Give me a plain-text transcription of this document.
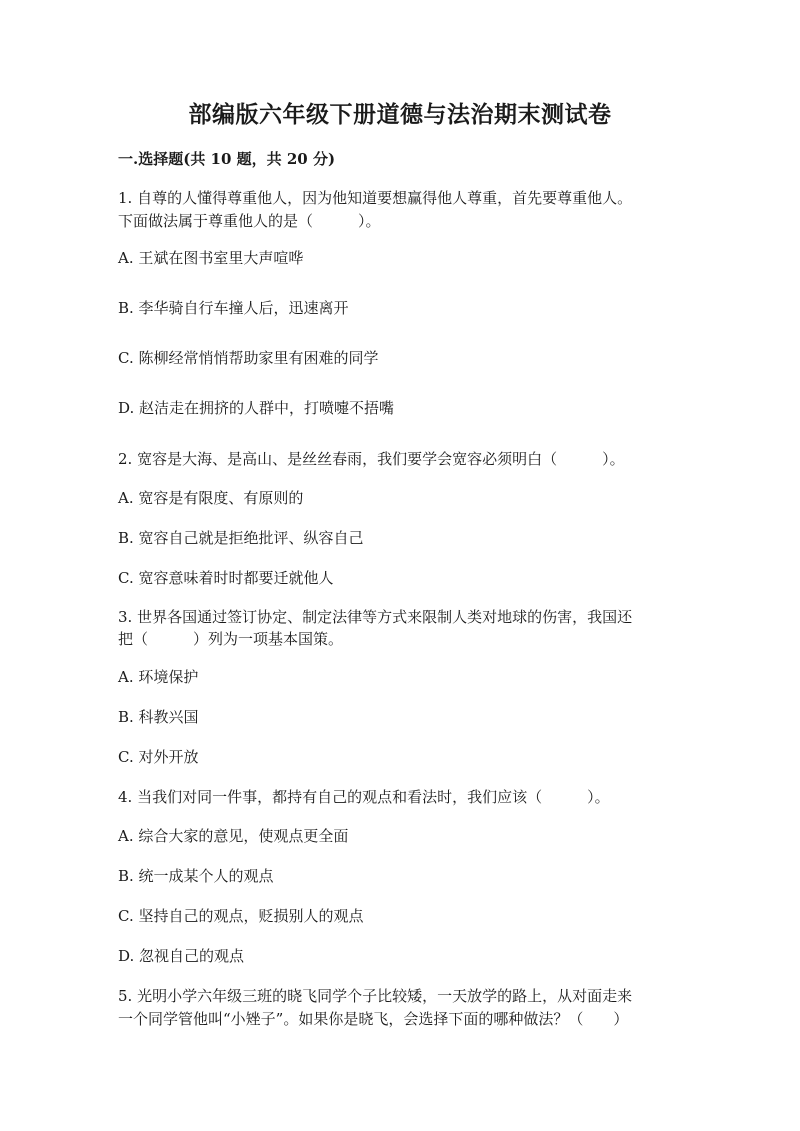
部编版六年级下册道德与法治期末测试卷
一.选择题(共 10 题，共 20 分)
1. 自尊的人懂得尊重他人，因为他知道要想赢得他人尊重，首先要尊重他人。
下面做法属于尊重他人的是（　　　）。
A. 王斌在图书室里大声喧哗
B. 李华骑自行车撞人后，迅速离开
C. 陈柳经常悄悄帮助家里有困难的同学
D. 赵洁走在拥挤的人群中，打喷嚏不捂嘴
2. 宽容是大海、是高山、是丝丝春雨，我们要学会宽容必须明白（　　　）。
A. 宽容是有限度、有原则的
B. 宽容自己就是拒绝批评、纵容自己
C. 宽容意味着时时都要迁就他人
3. 世界各国通过签订协定、制定法律等方式来限制人类对地球的伤害，我国还
把（　　　）列为一项基本国策。
A. 环境保护
B. 科教兴国
C. 对外开放
4. 当我们对同一件事，都持有自己的观点和看法时，我们应该（　　　）。
A. 综合大家的意见，使观点更全面
B. 统一成某个人的观点
C. 坚持自己的观点，贬损别人的观点
D. 忽视自己的观点
5. 光明小学六年级三班的晓飞同学个子比较矮，一天放学的路上，从对面走来
一个同学管他叫“小矬子”。如果你是晓飞，会选择下面的哪种做法？（　　）
